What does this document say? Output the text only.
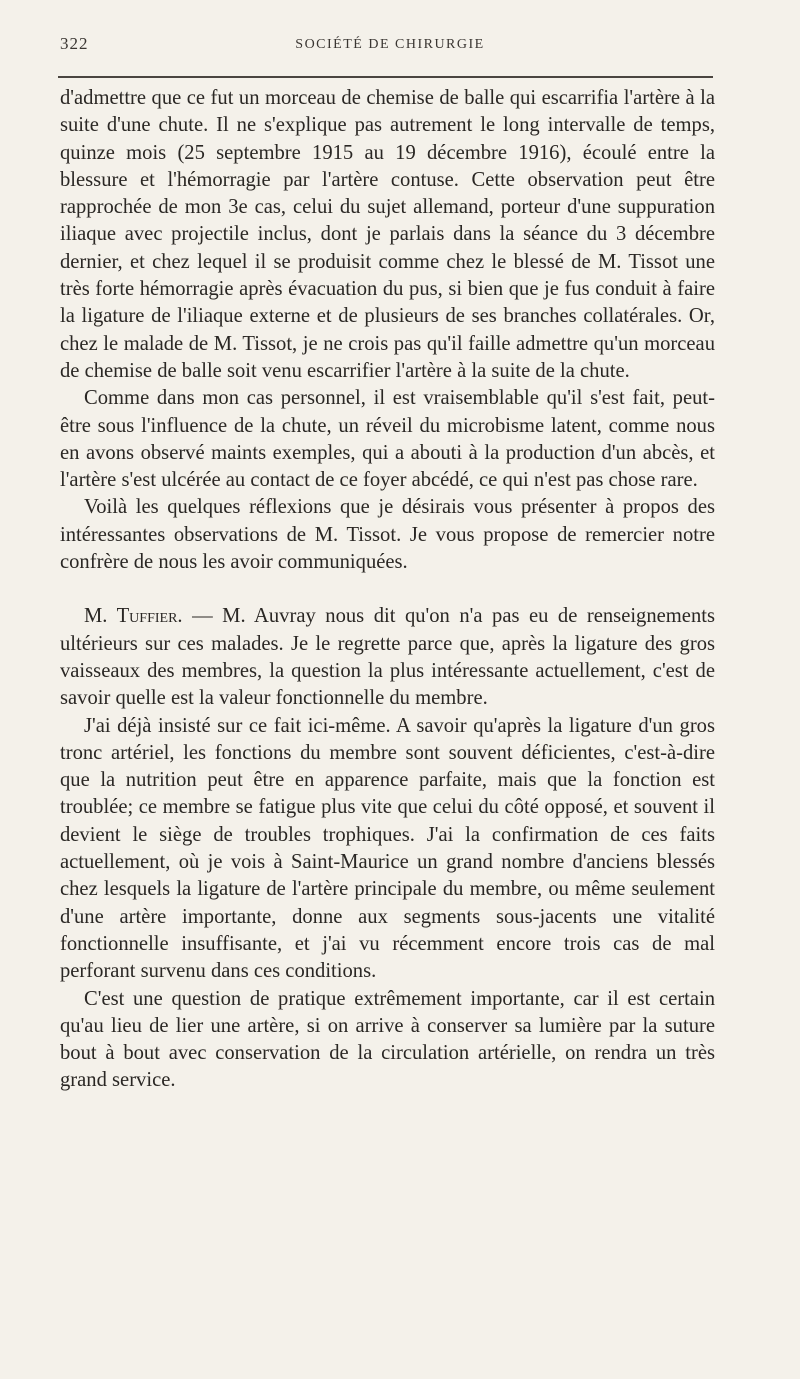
322	SOCIÉTÉ DE CHIRURGIE

d'admettre que ce fut un morceau de chemise de balle qui escarrifia l'artère à la suite d'une chute. Il ne s'explique pas autrement le long intervalle de temps, quinze mois (25 septembre 1915 au 19 décembre 1916), écoulé entre la blessure et l'hémorragie par l'artère contuse. Cette observation peut être rapprochée de mon 3e cas, celui du sujet allemand, porteur d'une suppuration iliaque avec projectile inclus, dont je parlais dans la séance du 3 décembre dernier, et chez lequel il se produisit comme chez le blessé de M. Tissot une très forte hémorragie après évacuation du pus, si bien que je fus conduit à faire la ligature de l'iliaque externe et de plusieurs de ses branches collatérales. Or, chez le malade de M. Tissot, je ne crois pas qu'il faille admettre qu'un morceau de chemise de balle soit venu escarrifier l'artère à la suite de la chute.

Comme dans mon cas personnel, il est vraisemblable qu'il s'est fait, peut-être sous l'influence de la chute, un réveil du microbisme latent, comme nous en avons observé maints exemples, qui a abouti à la production d'un abcès, et l'artère s'est ulcérée au contact de ce foyer abcédé, ce qui n'est pas chose rare.

Voilà les quelques réflexions que je désirais vous présenter à propos des intéressantes observations de M. Tissot. Je vous propose de remercier notre confrère de nous les avoir communiquées.

M. Tuffier. — M. Auvray nous dit qu'on n'a pas eu de renseignements ultérieurs sur ces malades. Je le regrette parce que, après la ligature des gros vaisseaux des membres, la question la plus intéressante actuellement, c'est de savoir quelle est la valeur fonctionnelle du membre.

J'ai déjà insisté sur ce fait ici-même. A savoir qu'après la ligature d'un gros tronc artériel, les fonctions du membre sont souvent déficientes, c'est-à-dire que la nutrition peut être en apparence parfaite, mais que la fonction est troublée; ce membre se fatigue plus vite que celui du côté opposé, et souvent il devient le siège de troubles trophiques. J'ai la confirmation de ces faits actuellement, où je vois à Saint-Maurice un grand nombre d'anciens blessés chez lesquels la ligature de l'artère principale du membre, ou même seulement d'une artère importante, donne aux segments sous-jacents une vitalité fonctionnelle insuffisante, et j'ai vu récemment encore trois cas de mal perforant survenu dans ces conditions.

C'est une question de pratique extrêmement importante, car il est certain qu'au lieu de lier une artère, si on arrive à conserver sa lumière par la suture bout à bout avec conservation de la circulation artérielle, on rendra un très grand service.
